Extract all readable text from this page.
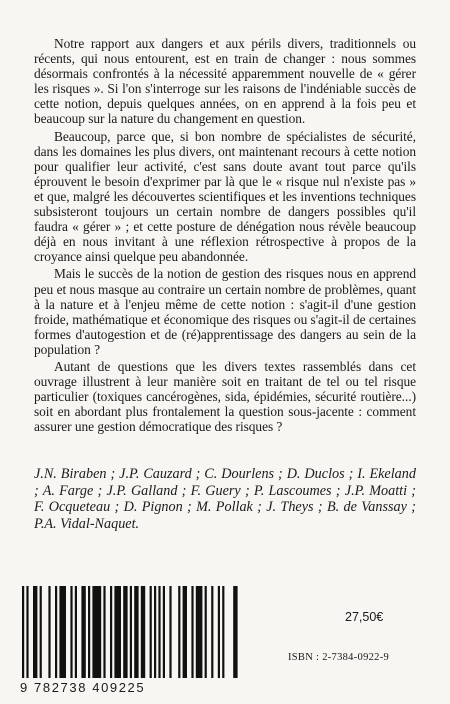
Notre rapport aux dangers et aux périls divers, traditionnels ou récents, qui nous entourent, est en train de changer : nous sommes désormais confrontés à la nécessité apparemment nouvelle de « gérer les risques ». Si l'on s'interroge sur les raisons de l'indéniable succès de cette notion, depuis quelques années, on en apprend à la fois peu et beaucoup sur la nature du changement en question.

Beaucoup, parce que, si bon nombre de spécialistes de sécurité, dans les domaines les plus divers, ont maintenant recours à cette notion pour qualifier leur activité, c'est sans doute avant tout parce qu'ils éprouvent le besoin d'exprimer par là que le « risque nul n'existe pas » et que, malgré les découvertes scientifiques et les inventions techniques subsisteront toujours un certain nombre de dangers possibles qu'il faudra « gérer » ; et cette posture de dénégation nous révèle beaucoup déjà en nous invitant à une réflexion rétrospective à propos de la croyance ainsi quelque peu abandonnée.

Mais le succès de la notion de gestion des risques nous en apprend peu et nous masque au contraire un certain nombre de problèmes, quant à la nature et à l'enjeu même de cette notion : s'agit-il d'une gestion froide, mathématique et économique des risques ou s'agit-il de certaines formes d'autogestion et de (ré)apprentissage des dangers au sein de la population ?

Autant de questions que les divers textes rassemblés dans cet ouvrage illustrent à leur manière soit en traitant de tel ou tel risque particulier (toxiques cancérogènes, sida, épidémies, sécurité routière...) soit en abordant plus frontalement la question sous-jacente : comment assurer une gestion démocratique des risques ?

J.N. Biraben ; J.P. Cauzard ; C. Dourlens ; D. Duclos ; I. Ekeland ; A. Farge ; J.P. Galland ; F. Guery ; P. Lascoumes ; J.P. Moatti ; F. Ocqueteau ; D. Pignon ; M. Pollak ; J. Theys ; B. de Vanssay ; P.A. Vidal-Naquet.
9 782738 409225
27,50€
ISBN : 2-7384-0922-9
